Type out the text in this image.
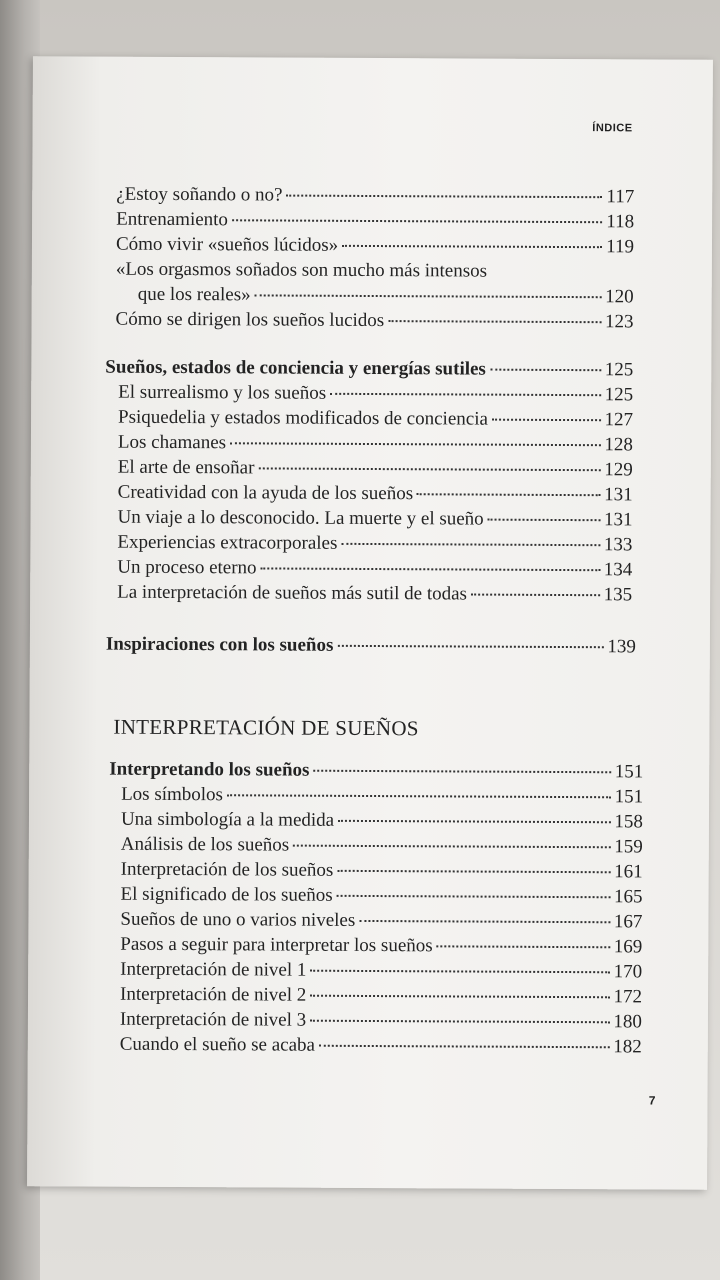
ÍNDICE
¿Estoy soñando o no?	117
Entrenamiento	118
Cómo vivir «sueños lúcidos»	119
«Los orgasmos soñados son mucho más intensos
que los reales»	120
Cómo se dirigen los sueños lucidos	123
Sueños, estados de conciencia y energías sutiles	125
El surrealismo y los sueños	125
Psiquedelia y estados modificados de conciencia	127
Los chamanes	128
El arte de ensoñar	129
Creatividad con la ayuda de los sueños	131
Un viaje a lo desconocido. La muerte y el sueño	131
Experiencias extracorporales	133
Un proceso eterno	134
La interpretación de sueños más sutil de todas	135
Inspiraciones con los sueños	139
INTERPRETACIÓN DE SUEÑOS
Interpretando los sueños	151
Los símbolos	151
Una simbología a la medida	158
Análisis de los sueños	159
Interpretación de los sueños	161
El significado de los sueños	165
Sueños de uno o varios niveles	167
Pasos a seguir para interpretar los sueños	169
Interpretación de nivel 1	170
Interpretación de nivel 2	172
Interpretación de nivel 3	180
Cuando el sueño se acaba	182
7
